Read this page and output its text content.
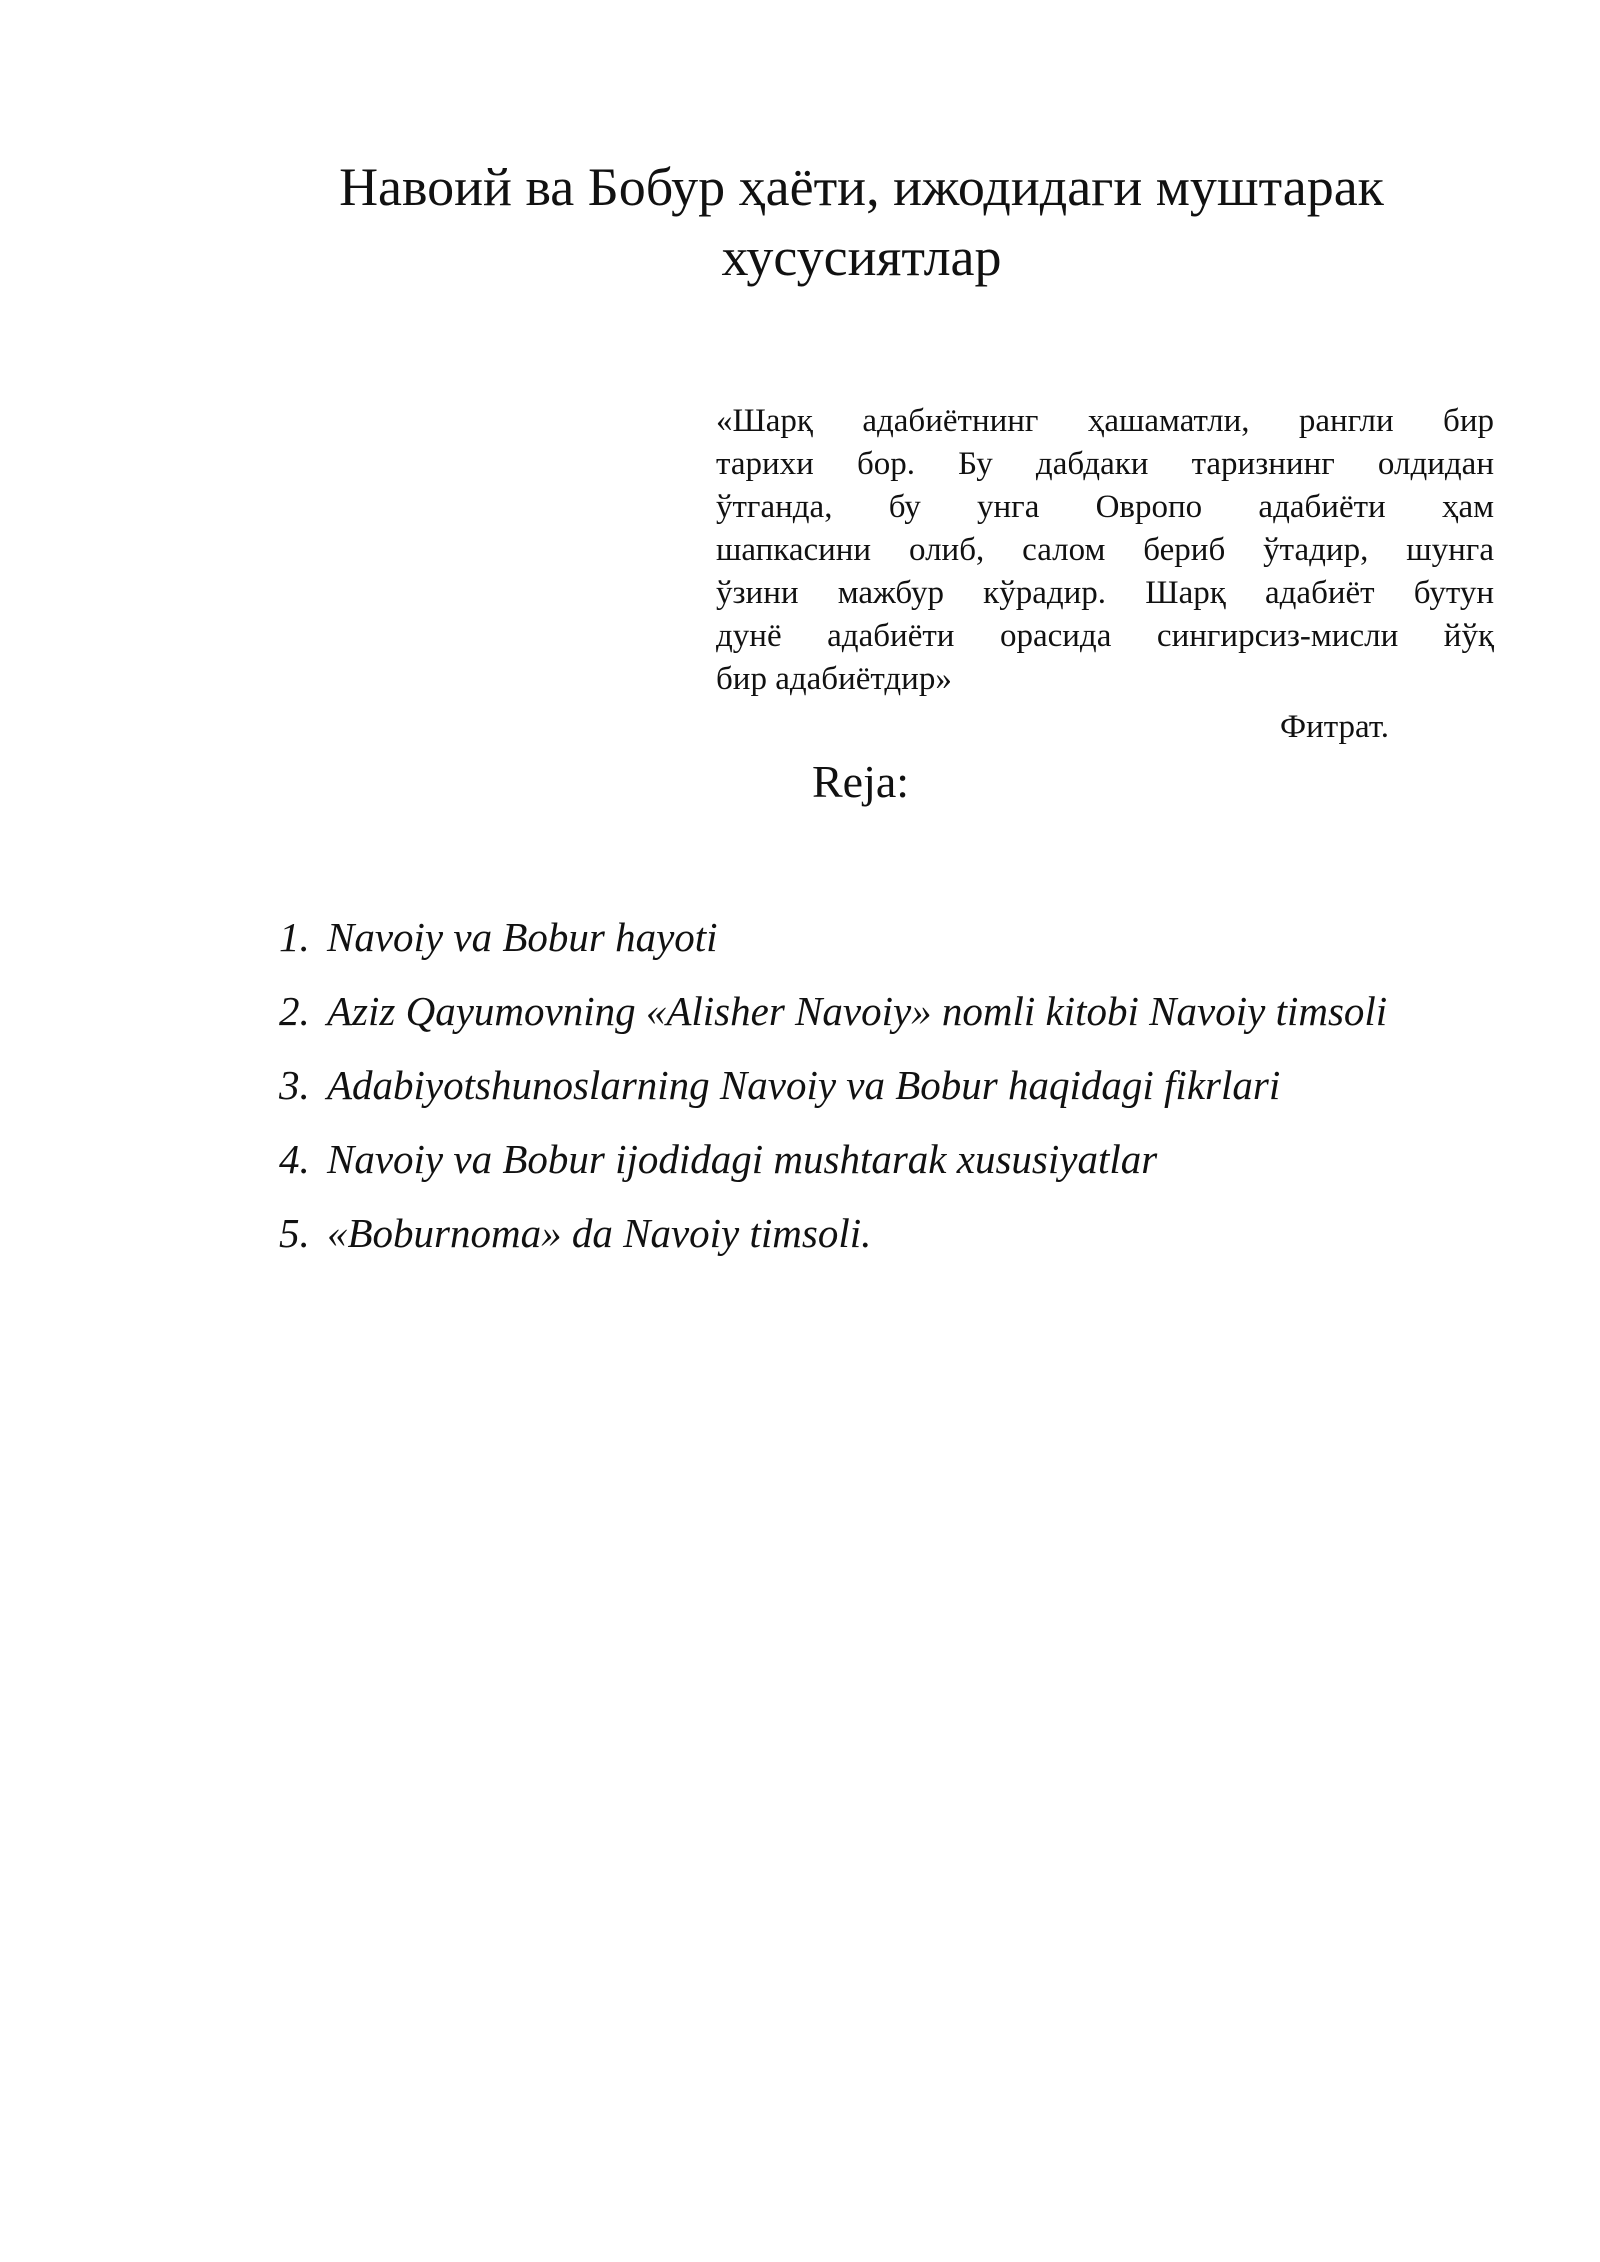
Навоий ва Бобур ҳаёти, ижодидаги муштарак
хусусиятлар
«Шарқ адабиётнинг ҳашаматли, рангли бир
тарихи бор. Бу дабдаки таризнинг олдидан
ўтганда, бу унга Овропо адабиёти ҳам
шапкасини олиб, салом бериб ўтадир, шунга
ўзини мажбур кўрадир. Шарқ адабиёт бутун
дунё адабиёти орасида сингирсиз-мисли йўқ
бир адабиётдир»
Фитрат.
Reja:
1. Navoiy va Bobur hayoti
2. Aziz Qayumovning «Alisher Navoiy» nomli kitobi Navoiy timsoli
3. Adabiyotshunoslarning Navoiy va Bobur haqidagi fikrlari
4. Navoiy va Bobur ijodidagi mushtarak xususiyatlar
5. «Boburnoma» da Navoiy timsoli.
